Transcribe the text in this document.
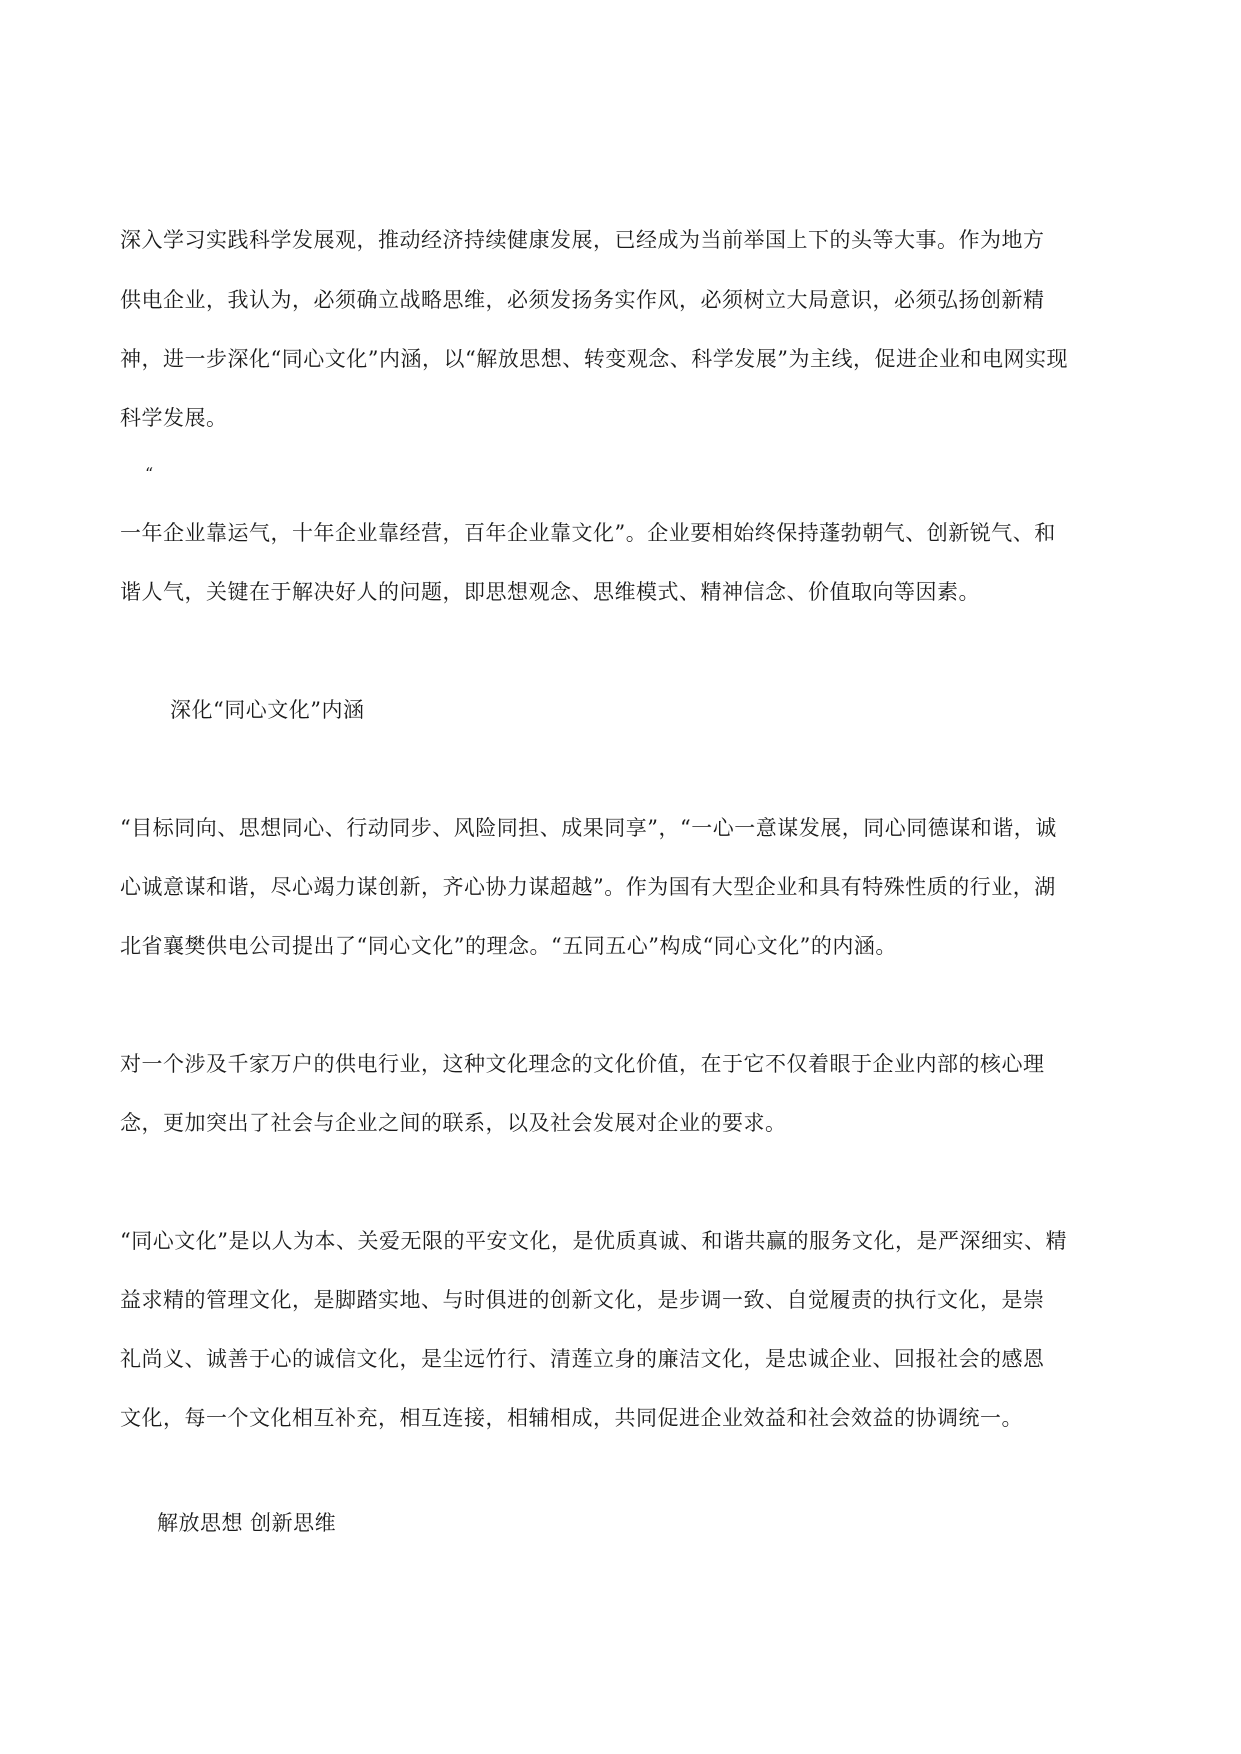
深入学习实践科学发展观，推动经济持续健康发展，已经成为当前举国上下的头等大事。作为地方
供电企业，我认为，必须确立战略思维，必须发扬务实作风，必须树立大局意识，必须弘扬创新精
神，进一步深化“同心文化”内涵，以“解放思想、转变观念、科学发展”为主线，促进企业和电网实现
科学发展。
“
一年企业靠运气，十年企业靠经营，百年企业靠文化”。企业要相始终保持蓬勃朝气、创新锐气、和
谐人气，关键在于解决好人的问题，即思想观念、思维模式、精神信念、价值取向等因素。
深化“同心文化”内涵
“目标同向、思想同心、行动同步、风险同担、成果同享”，“一心一意谋发展，同心同德谋和谐，诚
心诚意谋和谐，尽心竭力谋创新，齐心协力谋超越”。作为国有大型企业和具有特殊性质的行业，湖
北省襄樊供电公司提出了“同心文化”的理念。“五同五心”构成“同心文化”的内涵。
对一个涉及千家万户的供电行业，这种文化理念的文化价值，在于它不仅着眼于企业内部的核心理
念，更加突出了社会与企业之间的联系，以及社会发展对企业的要求。
“同心文化”是以人为本、关爱无限的平安文化，是优质真诚、和谐共赢的服务文化，是严深细实、精
益求精的管理文化，是脚踏实地、与时俱进的创新文化，是步调一致、自觉履责的执行文化，是崇
礼尚义、诚善于心的诚信文化，是尘远竹行、清莲立身的廉洁文化，是忠诚企业、回报社会的感恩
文化，每一个文化相互补充，相互连接，相辅相成，共同促进企业效益和社会效益的协调统一。
解放思想 创新思维
